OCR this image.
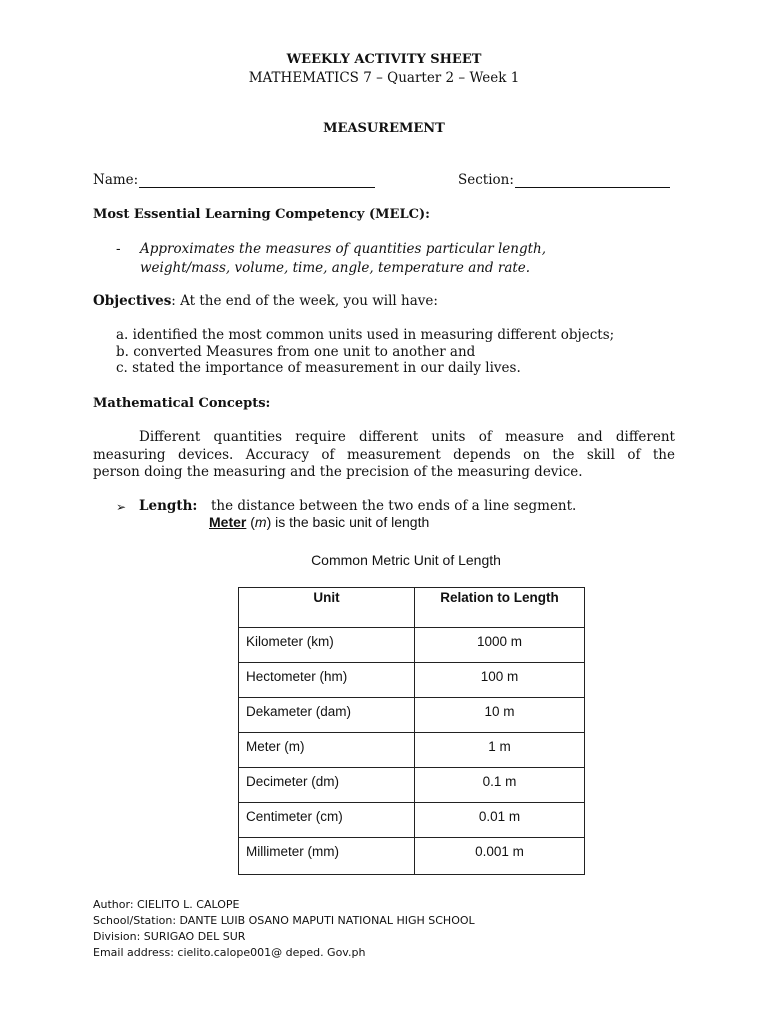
WEEKLY ACTIVITY SHEET
MATHEMATICS 7 – Quarter 2 – Week 1
MEASUREMENT
Name:	Section:
Most Essential Learning Competency (MELC):
- Approximates the measures of quantities particular length,
weight/mass, volume, time, angle, temperature and rate.
Objectives: At the end of the week, you will have:
a. identified the most common units used in measuring different objects;
b. converted Measures from one unit to another and
c. stated the importance of measurement in our daily lives.
Mathematical Concepts:
Different quantities require different units of measure and different
measuring devices. Accuracy of measurement depends on the skill of the
person doing the measuring and the precision of the measuring device.
➢ Length: the distance between the two ends of a line segment.
Meter (m) is the basic unit of length
Common Metric Unit of Length
Unit	Relation to Length
Kilometer (km)	1000 m
Hectometer (hm)	100 m
Dekameter (dam)	10 m
Meter (m)	1 m
Decimeter (dm)	0.1 m
Centimeter (cm)	0.01 m
Millimeter (mm)	0.001 m
Author: CIELITO L. CALOPE
School/Station: DANTE LUIB OSANO MAPUTI NATIONAL HIGH SCHOOL
Division: SURIGAO DEL SUR
Email address: cielito.calope001@ deped. Gov.ph
